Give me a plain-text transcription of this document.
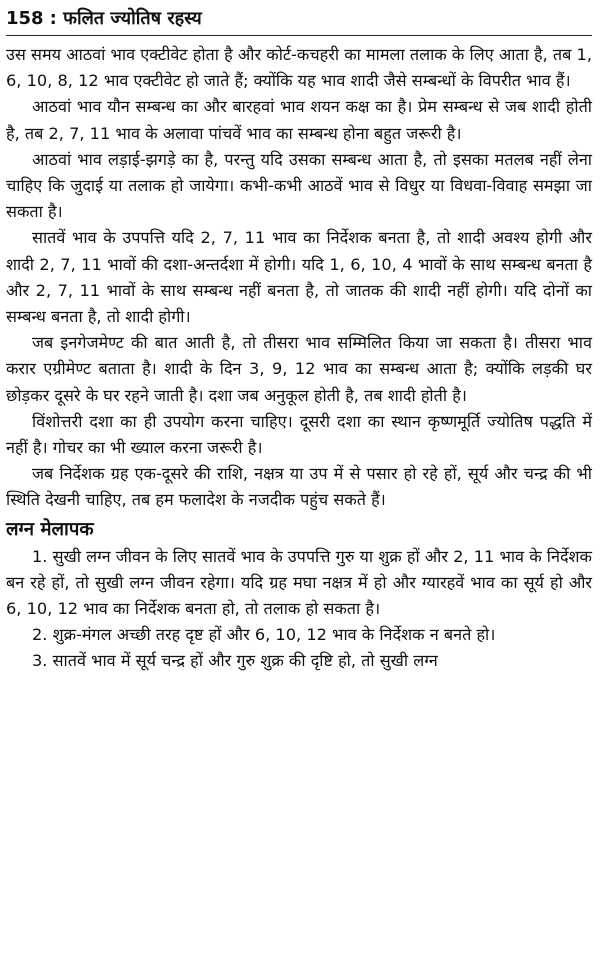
158 : फलित ज्योतिष रहस्य

उस समय आठवां भाव एक्टीवेट होता है और कोर्ट-कचहरी का मामला तलाक के लिए आता है, तब 1, 6, 10, 8, 12 भाव एक्टीवेट हो जाते हैं; क्योंकि यह भाव शादी जैसे सम्बन्धों के विपरीत भाव हैं।

आठवां भाव यौन सम्बन्ध का और बारहवां भाव शयन कक्ष का है। प्रेम सम्बन्ध से जब शादी होती है, तब 2, 7, 11 भाव के अलावा पांचवें भाव का सम्बन्ध होना बहुत जरूरी है।

आठवां भाव लड़ाई-झगड़े का है, परन्तु यदि उसका सम्बन्ध आता है, तो इसका मतलब नहीं लेना चाहिए कि जुदाई या तलाक हो जायेगा। कभी-कभी आठवें भाव से विधुर या विधवा-विवाह समझा जा सकता है।

सातवें भाव के उपपत्ति यदि 2, 7, 11 भाव का निर्देशक बनता है, तो शादी अवश्य होगी और शादी 2, 7, 11 भावों की दशा-अन्तर्दशा में होगी। यदि 1, 6, 10, 4 भावों के साथ सम्बन्ध बनता है और 2, 7, 11 भावों के साथ सम्बन्ध नहीं बनता है, तो जातक की शादी नहीं होगी। यदि दोनों का सम्बन्ध बनता है, तो शादी होगी।

जब इनगेजमेण्ट की बात आती है, तो तीसरा भाव सम्मिलित किया जा सकता है। तीसरा भाव करार एग्रीमेण्ट बताता है। शादी के दिन 3, 9, 12 भाव का सम्बन्ध आता है; क्योंकि लड़की घर छोड़कर दूसरे के घर रहने जाती है। दशा जब अनुकूल होती है, तब शादी होती है।

विंशोत्तरी दशा का ही उपयोग करना चाहिए। दूसरी दशा का स्थान कृष्णमूर्ति ज्योतिष पद्धति में नहीं है। गोचर का भी ख्याल करना जरूरी है।

जब निर्देशक ग्रह एक-दूसरे की राशि, नक्षत्र या उप में से पसार हो रहे हों, सूर्य और चन्द्र की भी स्थिति देखनी चाहिए, तब हम फलादेश के नजदीक पहुंच सकते हैं।

लग्न मेलापक

1. सुखी लग्न जीवन के लिए सातवें भाव के उपपत्ति गुरु या शुक्र हों और 2, 11 भाव के निर्देशक बन रहे हों, तो सुखी लग्न जीवन रहेगा। यदि ग्रह मघा नक्षत्र में हो और ग्यारहवें भाव का सूर्य हो और 6, 10, 12 भाव का निर्देशक बनता हो, तो तलाक हो सकता है।

2. शुक्र-मंगल अच्छी तरह दृष्ट हों और 6, 10, 12 भाव के निर्देशक न बनते हो।

3. सातवें भाव में सूर्य चन्द्र हों और गुरु शुक्र की दृष्टि हो, तो सुखी लग्न
